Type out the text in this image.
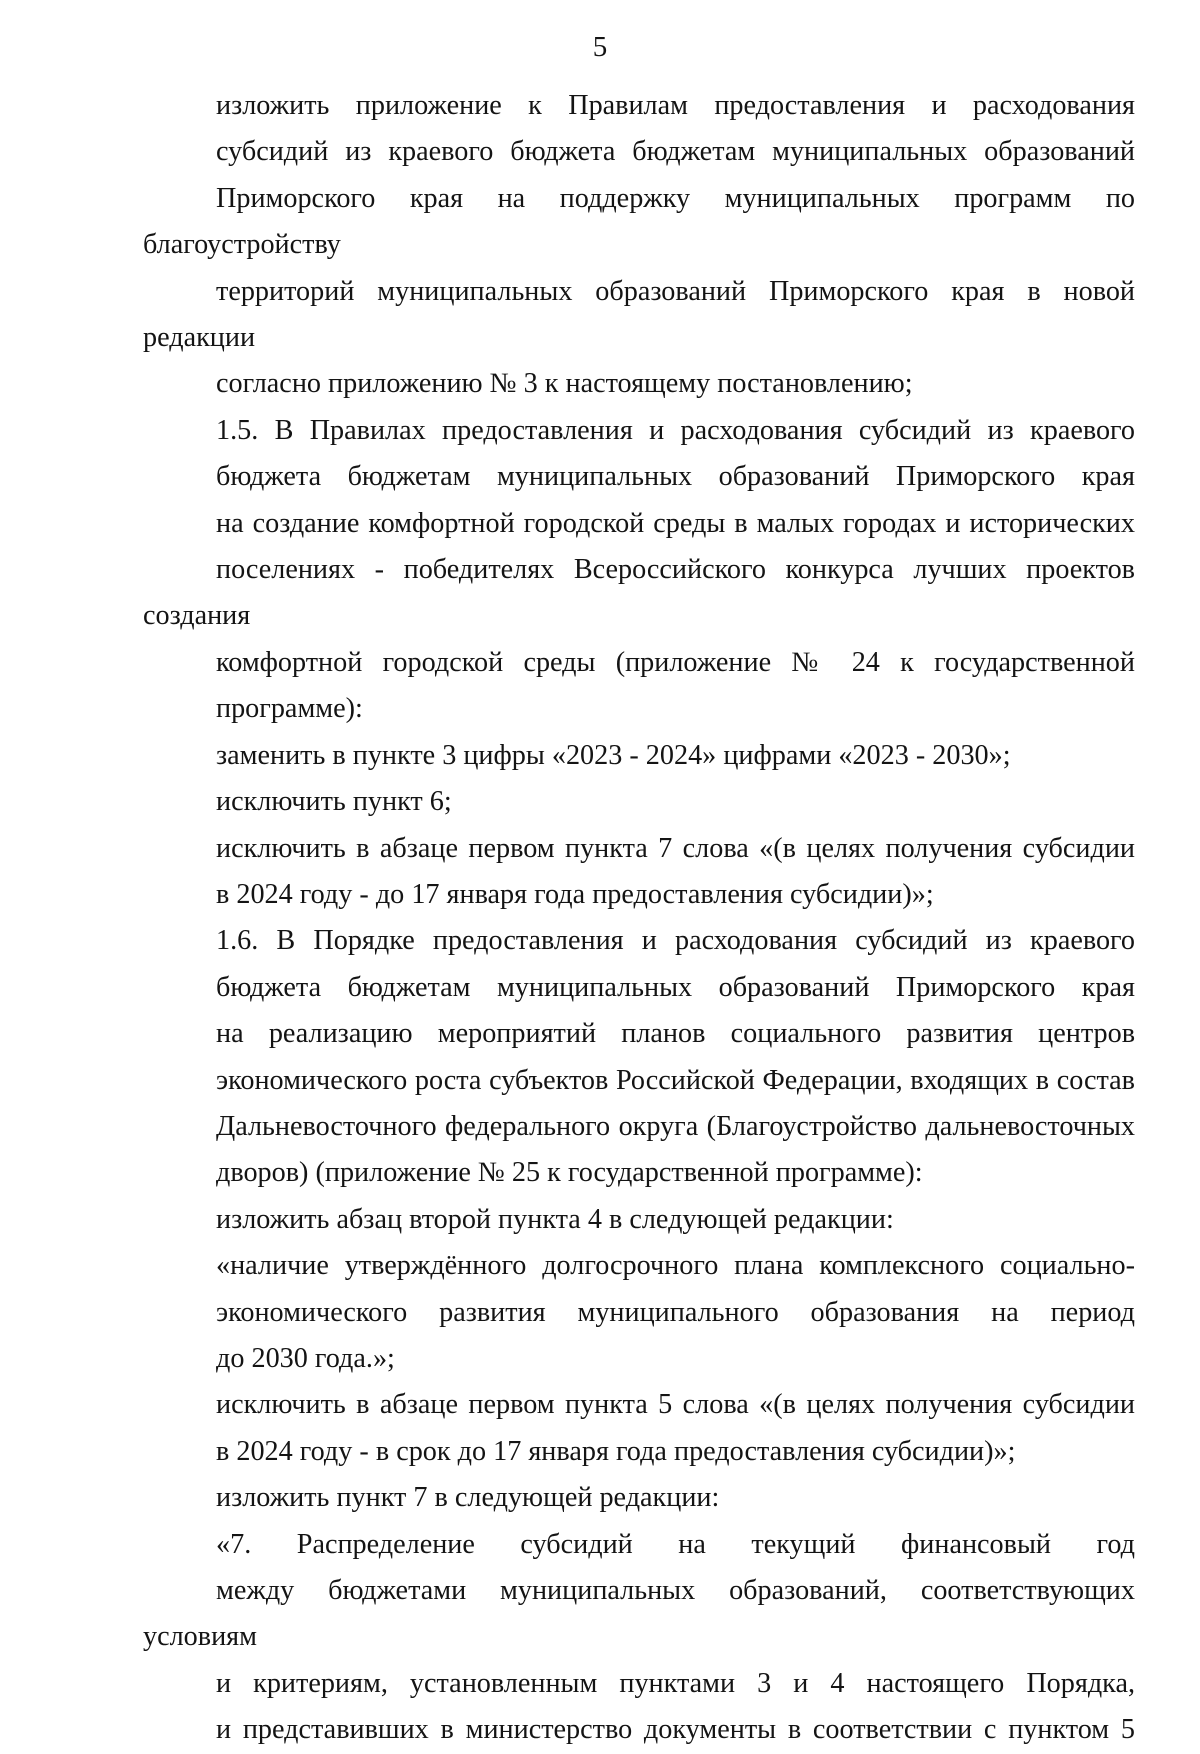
5

изложить приложение к Правилам предоставления и расходования
субсидий из краевого бюджета бюджетам муниципальных образований
Приморского края на поддержку муниципальных программ по благоустройству
территорий муниципальных образований Приморского края в новой редакции
согласно приложению № 3 к настоящему постановлению;

1.5. В Правилах предоставления и расходования субсидий из краевого
бюджета бюджетам муниципальных образований Приморского края
на создание комфортной городской среды в малых городах и исторических
поселениях - победителях Всероссийского конкурса лучших проектов создания
комфортной городской среды (приложение № 24 к государственной
программе):

заменить в пункте 3 цифры «2023 - 2024» цифрами «2023 - 2030»;

исключить пункт 6;

исключить в абзаце первом пункта 7 слова «(в целях получения субсидии
в 2024 году - до 17 января года предоставления субсидии)»;

1.6. В Порядке предоставления и расходования субсидий из краевого
бюджета бюджетам муниципальных образований Приморского края
на реализацию мероприятий планов социального развития центров
экономического роста субъектов Российской Федерации, входящих в состав
Дальневосточного федерального округа (Благоустройство дальневосточных
дворов) (приложение № 25 к государственной программе):

изложить абзац второй пункта 4 в следующей редакции:

«наличие утверждённого долгосрочного плана комплексного социально-
экономического развития муниципального образования на период
до 2030 года.»;

исключить в абзаце первом пункта 5 слова «(в целях получения субсидии
в 2024 году - в срок до 17 января года предоставления субсидии)»;

изложить пункт 7 в следующей редакции:

«7. Распределение субсидий на текущий финансовый год
между бюджетами муниципальных образований, соответствующих условиям
и критериям, установленным пунктами 3 и 4 настоящего Порядка,
и представивших в министерство документы в соответствии с пунктом 5
